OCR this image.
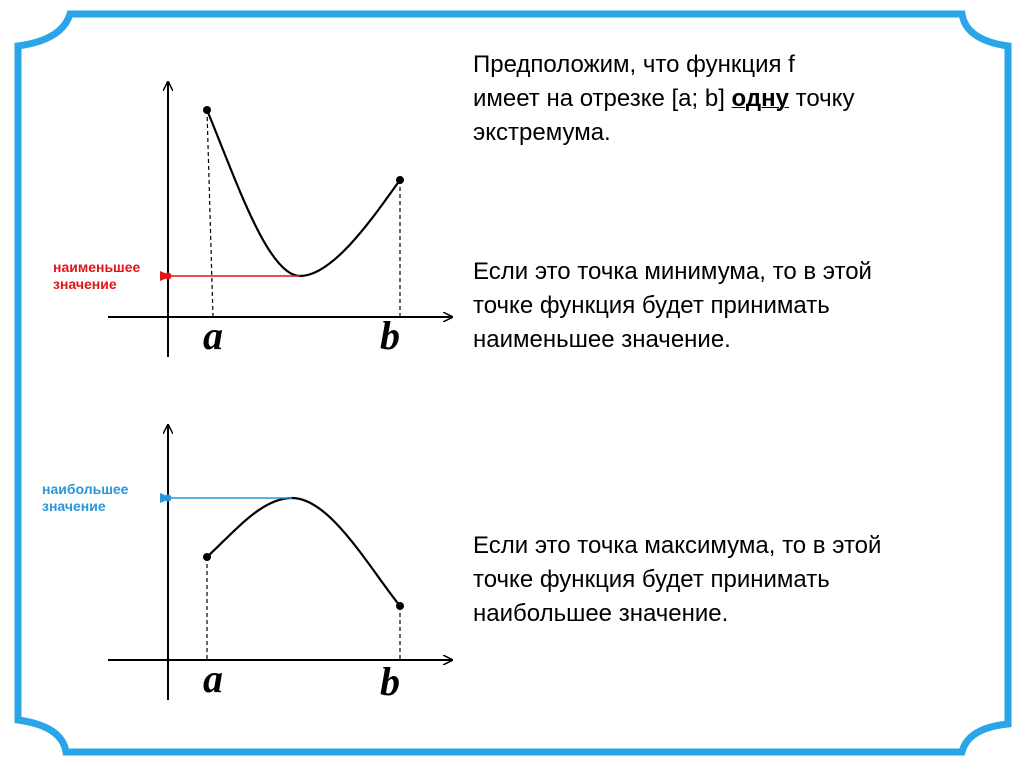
Предположим, что функция f
имеет на отрезке [a; b] одну точку
экстремума.
Если это точка минимума, то в этой
точке функция будет принимать
наименьшее значение.
Если это точка максимума, то в этой
точке функция будет принимать
наибольшее значение.
наименьшее
значение
наибольшее
значение
a	b
a	b
